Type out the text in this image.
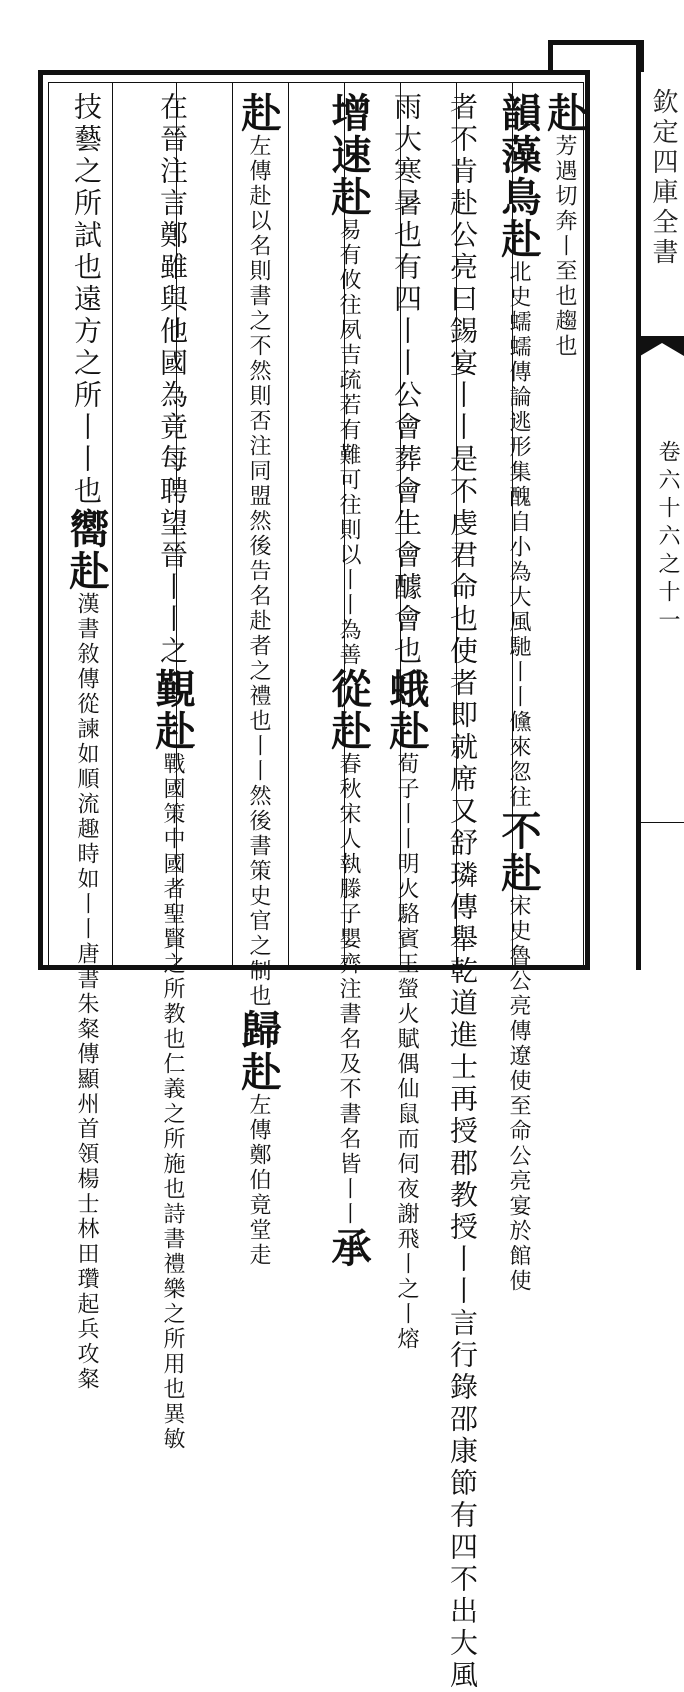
欽定四庫全書
卷六十六之十一
赴芳遇切奔丨至也趨也
韻藻鳥赴北史蠕蠕傳論逃形集醜自小為大風馳丨丨儵來忽往不赴宋史魯公亮傳遼使至命公亮宴於館使
者不肯赴公亮曰錫宴丨丨是不虔君命也使者即就席又舒璘傳舉乾道進士再授郡教授丨丨言行錄邵康節有四不出大風
雨大寒暑也有四丨丨公會葬會生會醵會也蛾赴荀子丨丨明火駱賓王螢火賦偶仙鼠而伺夜謝飛丨之丨熔
增速赴易有攸往夙吉疏若有難可往則以丨丨為善從赴春秋宋人執滕子嬰齊注書名及不書名皆丨丨承
赴左傳赴以名則書之不然則否注同盟然後告名赴者之禮也丨丨然後書策史官之制也歸赴左傳鄭伯竟堂走
在晉注言鄭雖與他國為竟每聘望晉丨丨之覲赴戰國策中國者聖賢之所教也仁義之所施也詩書禮樂之所用也異敏
技藝之所試也遠方之所丨丨也嚮赴漢書敘傳從諫如順流趣時如丨丨唐書朱粲傳顯州首領楊士林田瓚起兵攻粲
